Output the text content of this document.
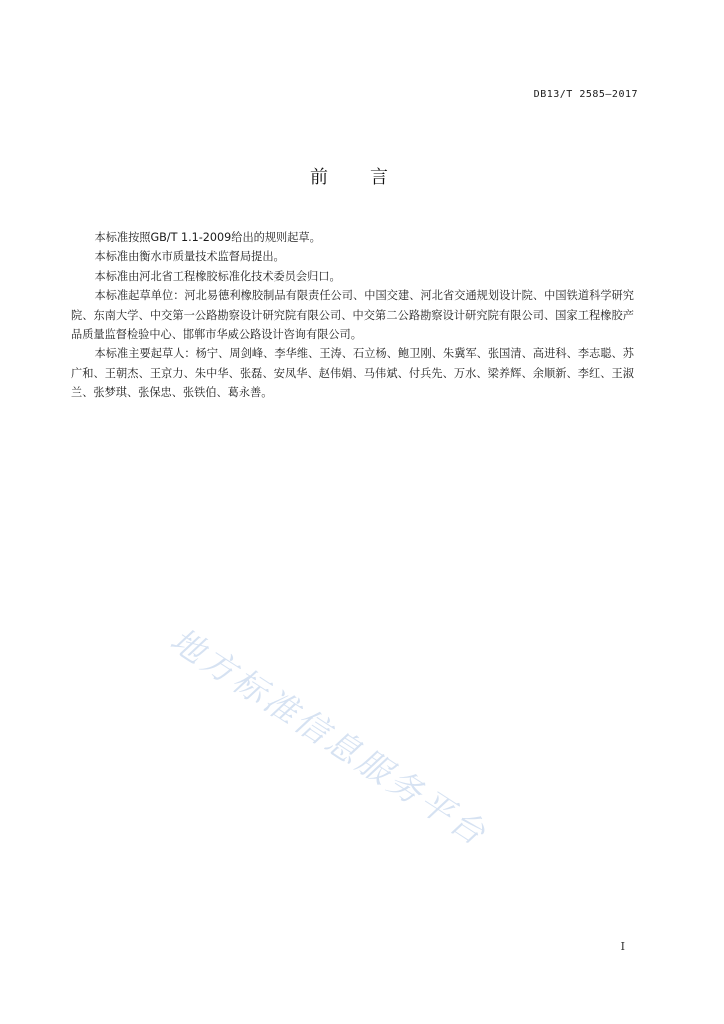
DB13/T 2585—2017
前 言

本标准按照GB/T 1.1-2009给出的规则起草。

本标准由衡水市质量技术监督局提出。

本标准由河北省工程橡胶标准化技术委员会归口。

本标准起草单位：河北易德利橡胶制品有限责任公司、中国交建、河北省交通规划设计院、中国铁道科学研究院、东南大学、中交第一公路勘察设计研究院有限公司、中交第二公路勘察设计研究院有限公司、国家工程橡胶产品质量监督检验中心、邯郸市华威公路设计咨询有限公司。

本标准主要起草人：杨宁、周剑峰、李华维、王涛、石立杨、鲍卫刚、朱冀军、张国清、高进科、李志聪、苏广和、王朝杰、王京力、朱中华、张磊、安凤华、赵伟娟、马伟斌、付兵先、万水、梁养辉、余顺新、李红、王淑兰、张梦琪、张保忠、张铁伯、葛永善。

地方标准信息服务平台
I
